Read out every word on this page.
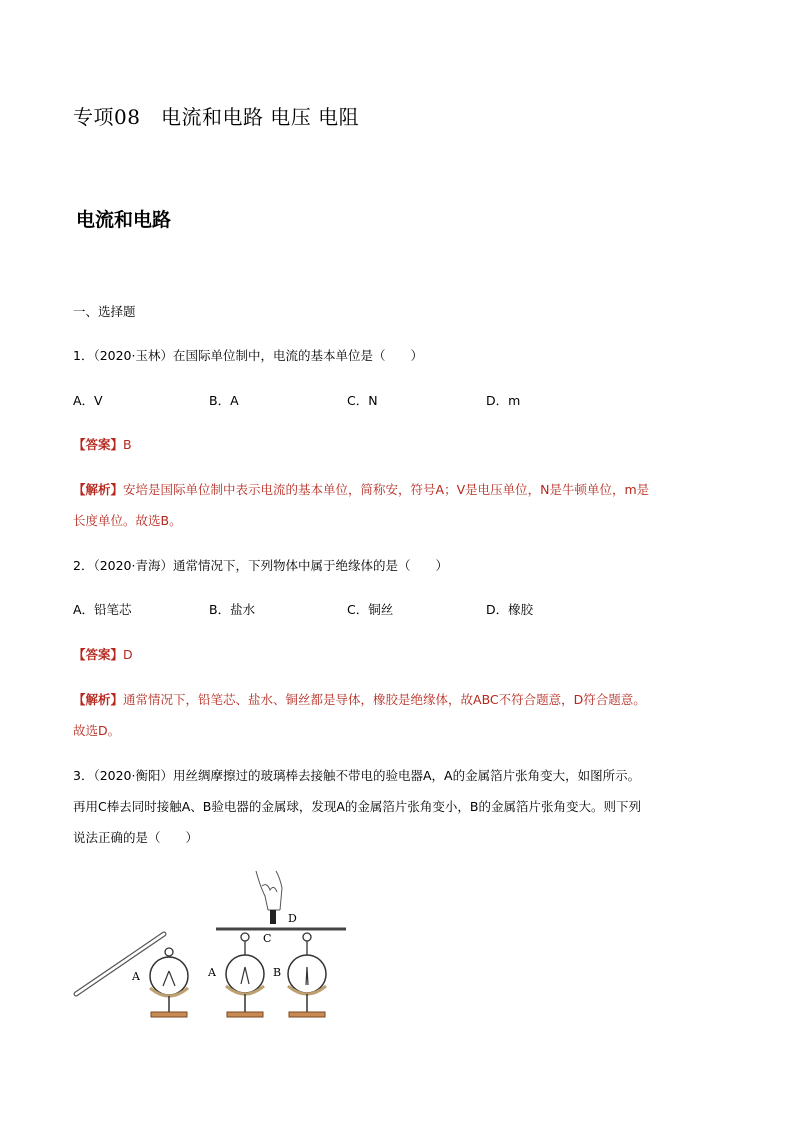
专项08　电流和电路 电压 电阻
电流和电路
一、选择题
1．（2020·玉林）在国际单位制中，电流的基本单位是（　　）
A．V	B．A	C．N	D．m
【答案】B
【解析】安培是国际单位制中表示电流的基本单位，简称安，符号A；V是电压单位，N是牛顿单位，m是
长度单位。故选B。
2．（2020·青海）通常情况下，下列物体中属于绝缘体的是（　　）
A．铅笔芯	B．盐水	C．铜丝	D．橡胶
【答案】D
【解析】通常情况下，铅笔芯、盐水、铜丝都是导体，橡胶是绝缘体，故ABC不符合题意，D符合题意。
故选D。
3．（2020·衡阳）用丝绸摩擦过的玻璃棒去接触不带电的验电器A，A的金属箔片张角变大，如图所示。
再用C棒去同时接触A、B验电器的金属球，发现A的金属箔片张角变小，B的金属箔片张角变大。则下列
说法正确的是（　　）
A
D
C
A	B
